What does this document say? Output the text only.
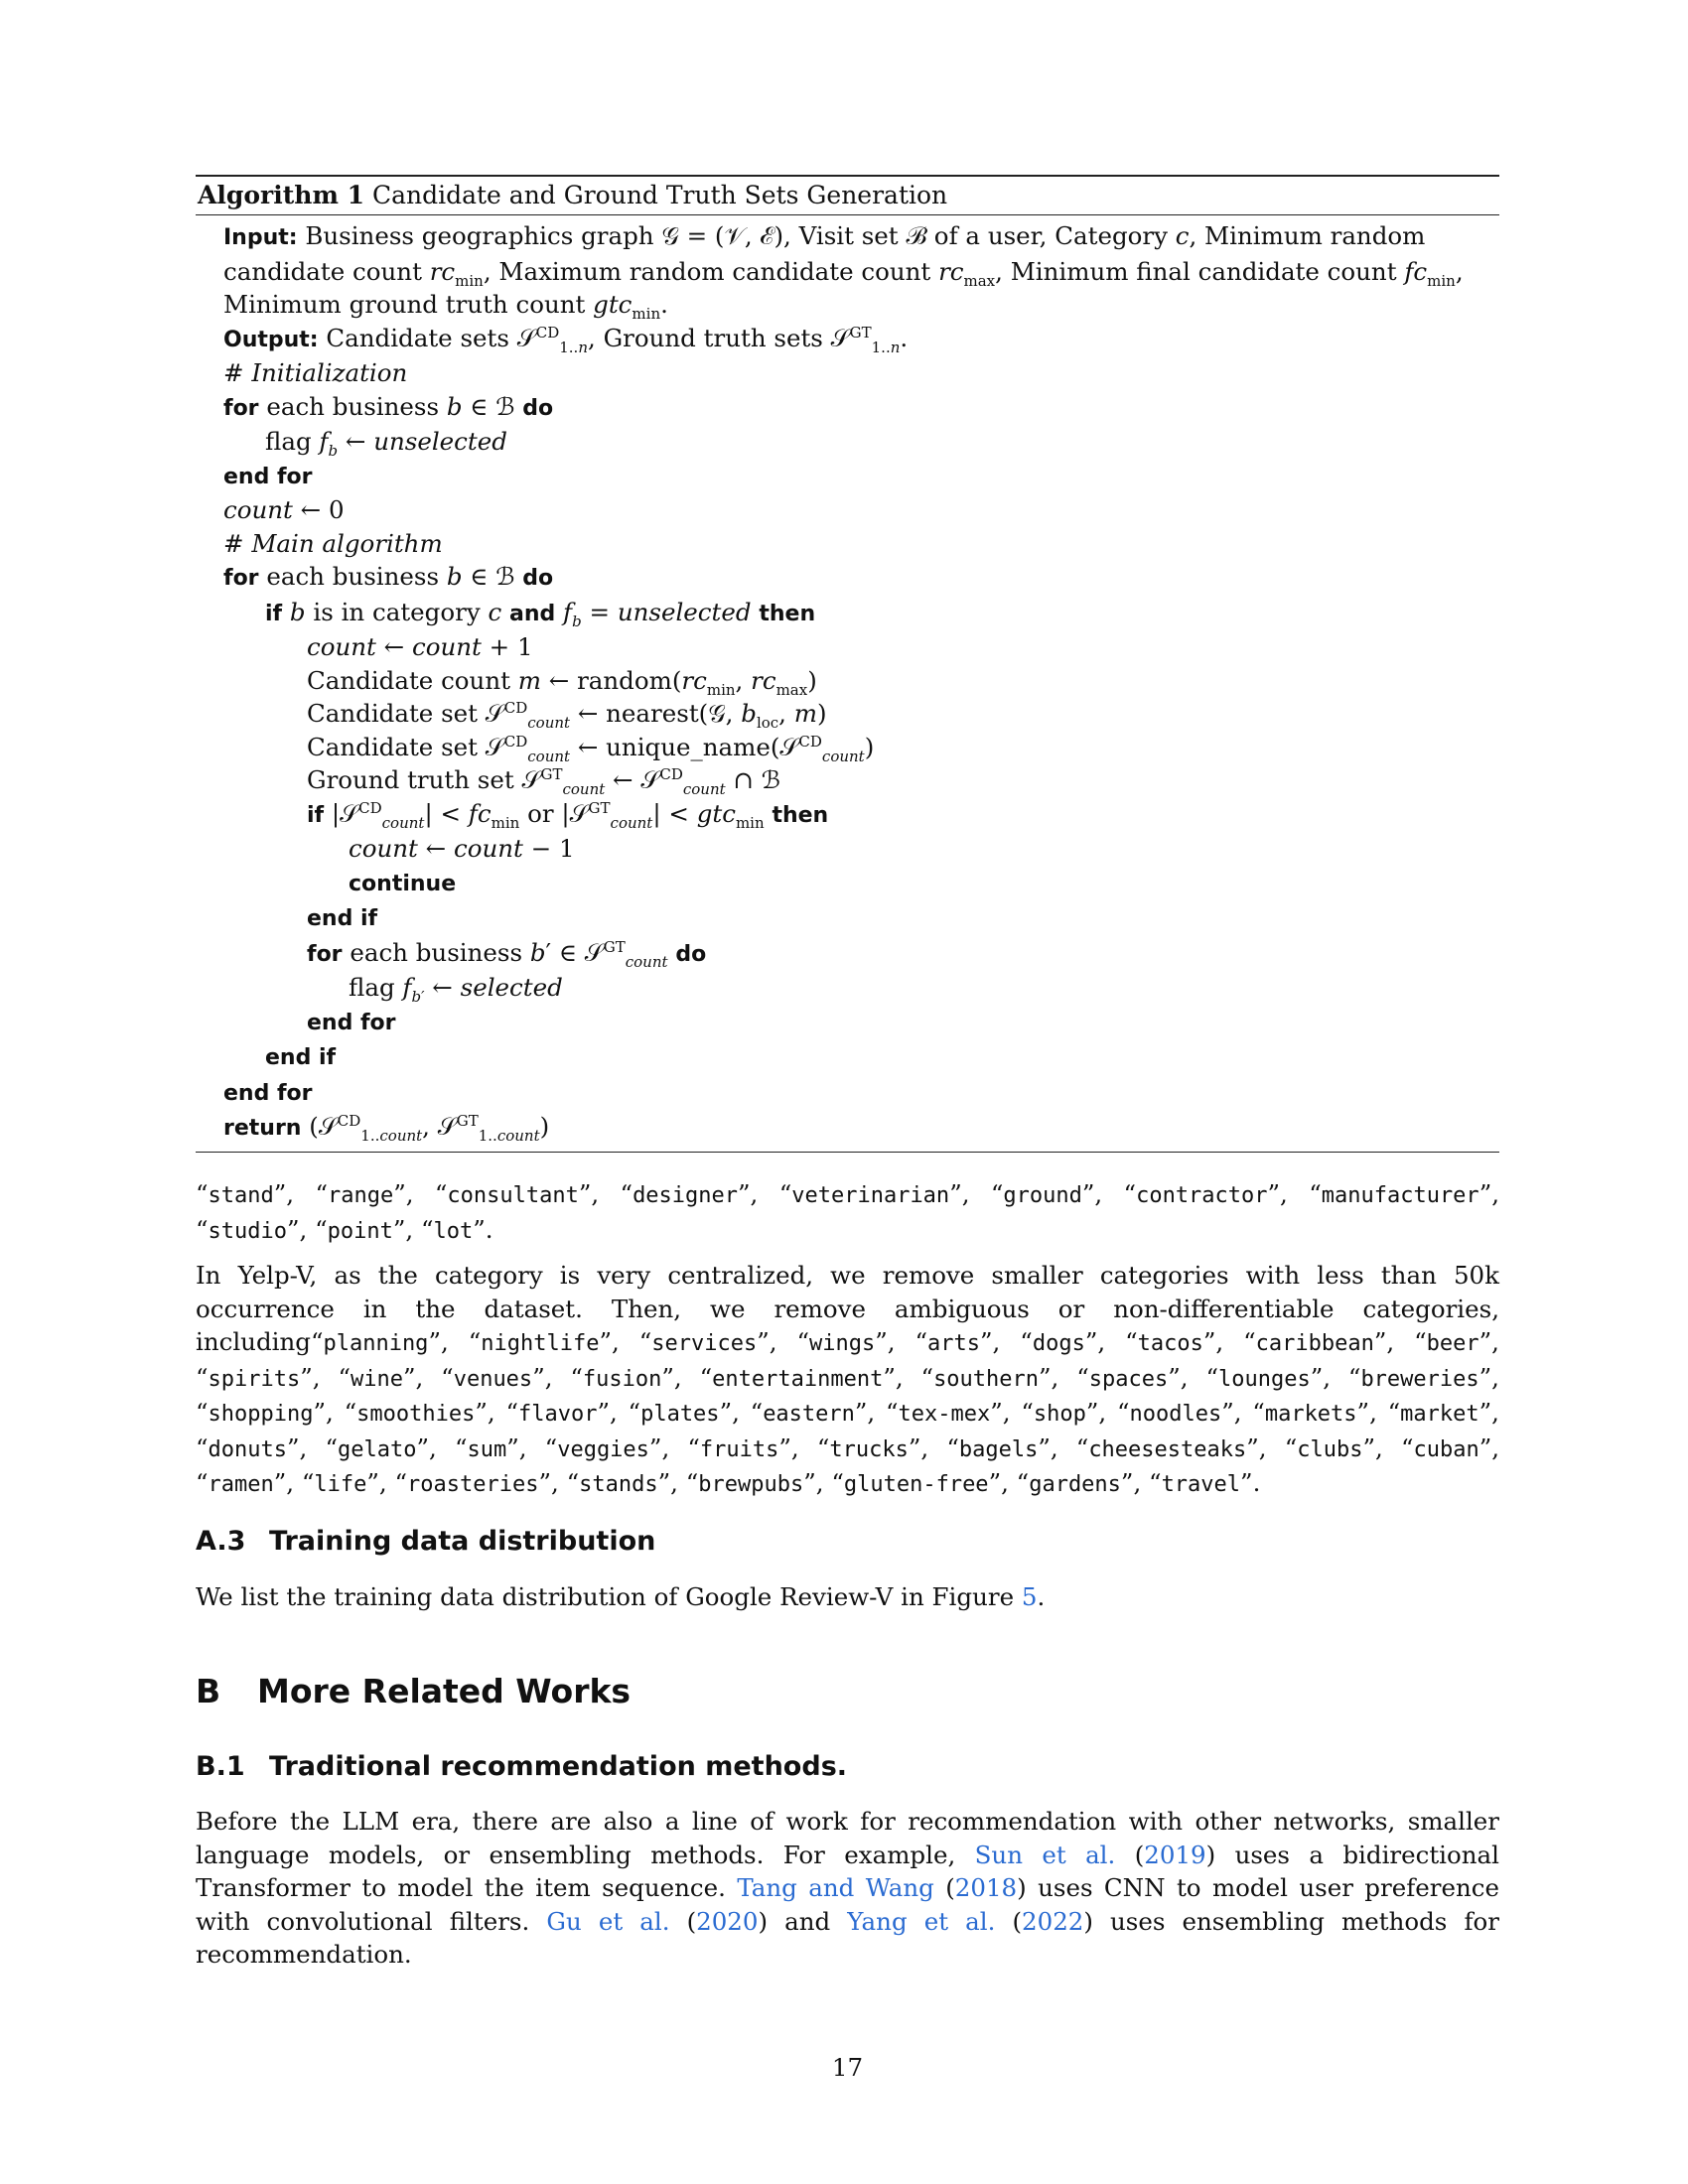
Algorithm 1 Candidate and Ground Truth Sets Generation
Input: Business geographics graph 𝒢 = (𝒱, ℰ), Visit set ℬ of a user, Category c, Minimum random candidate count $rc_{min}$, Maximum random candidate count $rc_{max}$, Minimum final candidate count $fc_{min}$, Minimum ground truth count gtc$_{min}$.
Output: Candidate sets 𝒮$^{CD}_{1..n}$, Ground truth sets 𝒮$^{GT}_{1..n}$.
# Initialization
for each business b ∈ ℬ do
flag $f_b$ ← unselected
end for
count ← 0
# Main algorithm
for each business b ∈ ℬ do
if b is in category c and $f_b$ = unselected then
count ← count + 1
Candidate count m ← $random(rc_{min}$, $rc_{max}$)
Candidate set 𝒮$^{CD}_{count}$ ← nearest(𝒢, $b_{loc}$, m)
Candidate set 𝒮$^{CD}_{count}$ ← unique_name(𝒮$^{CD}_{count}$)
Ground truth set 𝒮$^{GT}_{count}$ ← 𝒮$^{CD}_{count}$ ∩ ℬ
if |𝒮$^{CD}_{count}$| < $fc_{min}$ or |𝒮$^{GT}_{count}$| < gtc$_{min}$ then
count ← count − 1
continue
end if
for each business b′ ∈ 𝒮$^{GT}_{count}$ do
flag $f_{b'}$ ← selected
end for
end if
end for
return (𝒮$^{CD}_{1..count}$, 𝒮$^{GT}_{1..count}$)
“stand”, “range”, “consultant”, “designer”, “veterinarian”, “ground”, “contractor”, “manufacturer”, “studio”, “point”, “lot”.
In Yelp-V, as the category is very centralized, we remove smaller categories with less than 50k occurrence in the dataset. Then, we remove ambiguous or non-differentiable categories, including“planning”, “nightlife”, “services”, “wings”, “arts”, “dogs”, “tacos”, “caribbean”, “beer”, “spirits”, “wine”, “venues”, “fusion”, “entertainment”, “southern”, “spaces”, “lounges”, “breweries”, “shopping”, “smoothies”, “flavor”, “plates”, “eastern”, “tex-mex”, “shop”, “noodles”, “markets”, “market”, “donuts”, “gelato”, “sum”, “veggies”, “fruits”, “trucks”, “bagels”, “cheesesteaks”, “clubs”, “cuban”, “ramen”, “life”, “roasteries”, “stands”, “brewpubs”, “gluten-free”, “gardens”, “travel”.
A.3 Training data distribution
We list the training data distribution of Google Review-V in Figure 5.
B More Related Works
B.1 Traditional recommendation methods.
Before the LLM era, there are also a line of work for recommendation with other networks, smaller language models, or ensembling methods. For example, Sun et al. (2019) uses a bidirectional Transformer to model the item sequence. Tang and Wang (2018) uses CNN to model user preference with convolutional filters. Gu et al. (2020) and Yang et al. (2022) uses ensembling methods for recommendation.
17
